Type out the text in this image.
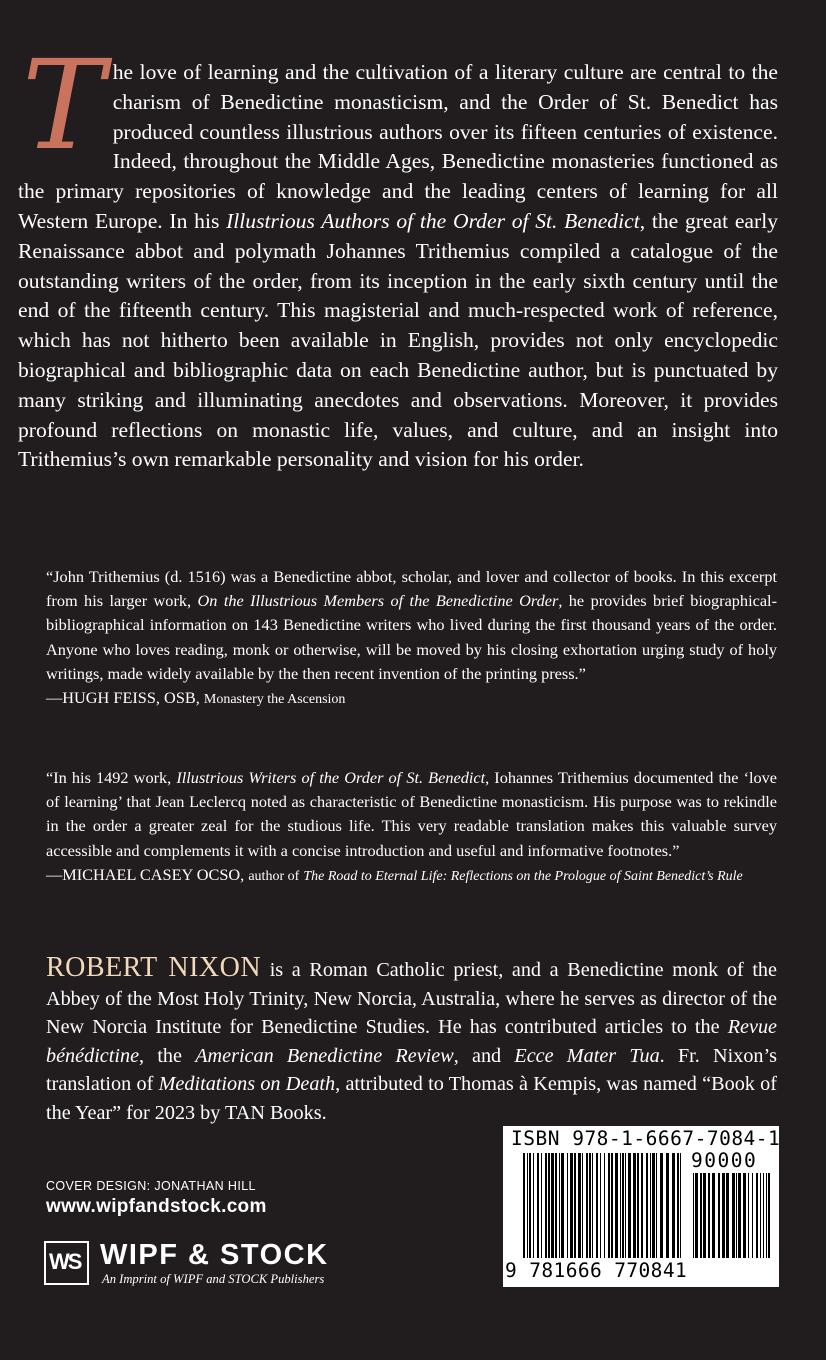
The love of learning and the cultivation of a literary culture are central to the charism of Benedictine monasticism, and the Order of St. Benedict has produced countless illustrious authors over its fifteen centuries of existence. Indeed, throughout the Middle Ages, Benedictine monasteries functioned as the primary repositories of knowledge and the leading centers of learning for all Western Europe. In his Illustrious Authors of the Order of St. Benedict, the great early Renaissance abbot and polymath Johannes Trithemius compiled a catalogue of the outstanding writers of the order, from its inception in the early sixth century until the end of the fifteenth century. This magisterial and much-respected work of reference, which has not hitherto been available in English, provides not only encyclopedic biographical and bibliographic data on each Benedictine author, but is punctuated by many striking and illuminating anecdotes and observations. Moreover, it provides profound reflections on monastic life, values, and culture, and an insight into Trithemius’s own remarkable personality and vision for his order.

“John Trithemius (d. 1516) was a Benedictine abbot, scholar, and lover and collector of books. In this excerpt from his larger work, On the Illustrious Members of the Benedictine Order, he provides brief biographical-bibliographical information on 143 Benedictine writers who lived during the first thousand years of the order. Anyone who loves reading, monk or otherwise, will be moved by his closing exhortation urging study of holy writings, made widely available by the then recent invention of the printing press.”
—HUGH FEISS, OSB, Monastery the Ascension

“In his 1492 work, Illustrious Writers of the Order of St. Benedict, Iohannes Trithemius documented the ‘love of learning’ that Jean Leclercq noted as characteristic of Benedictine monasticism. His purpose was to rekindle in the order a greater zeal for the studious life. This very readable translation makes this valuable survey accessible and complements it with a concise introduction and useful and informative footnotes.”
—MICHAEL CASEY OCSO, author of The Road to Eternal Life: Reflections on the Prologue of Saint Benedict’s Rule

ROBERT NIXON is a Roman Catholic priest, and a Benedictine monk of the Abbey of the Most Holy Trinity, New Norcia, Australia, where he serves as director of the New Norcia Institute for Benedictine Studies. He has contributed articles to the Revue bénédictine, the American Benedictine Review, and Ecce Mater Tua. Fr. Nixon’s translation of Meditations on Death, attributed to Thomas à Kempis, was named “Book of the Year” for 2023 by TAN Books.

COVER DESIGN: JONATHAN HILL
www.wipfandstock.com
WS WIPF & STOCK
An Imprint of WIPF and STOCK Publishers
ISBN 978-1-6667-7084-1
90000
9 781666 770841
